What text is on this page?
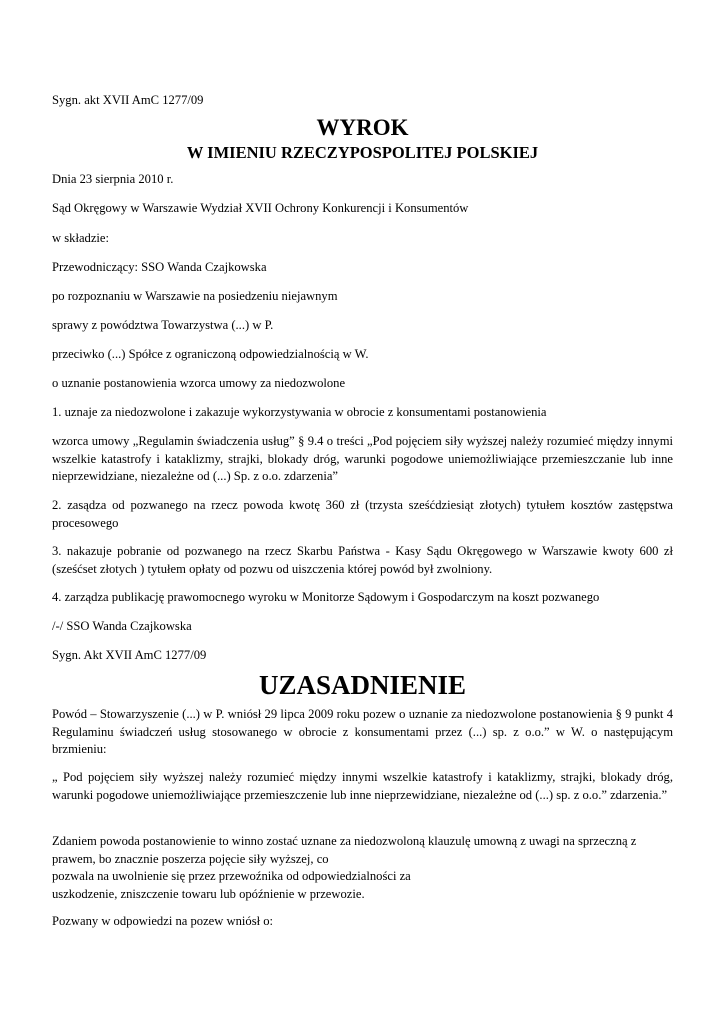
Sygn. akt XVII AmC 1277/09

WYROK
W IMIENIU RZECZYPOSPOLITEJ POLSKIEJ

Dnia 23 sierpnia 2010 r.

Sąd Okręgowy w Warszawie Wydział XVII Ochrony Konkurencji i Konsumentów

w składzie:

Przewodniczący: SSO Wanda Czajkowska

po rozpoznaniu w Warszawie na posiedzeniu niejawnym

sprawy z powództwa Towarzystwa (...) w P.

przeciwko (...) Spółce z ograniczoną odpowiedzialnością w W.

o uznanie postanowienia wzorca umowy za niedozwolone

1. uznaje za niedozwolone i zakazuje wykorzystywania w obrocie z konsumentami postanowienia

wzorca umowy „Regulamin świadczenia usług” § 9.4 o treści „Pod pojęciem siły wyższej należy rozumieć między innymi wszelkie katastrofy i kataklizmy, strajki, blokady dróg, warunki pogodowe uniemożliwiające przemieszczanie lub inne nieprzewidziane, niezależne od (...) Sp. z o.o. zdarzenia”

2. zasądza od pozwanego na rzecz powoda kwotę 360 zł (trzysta sześćdziesiąt złotych) tytułem kosztów zastępstwa procesowego

3. nakazuje pobranie od pozwanego na rzecz Skarbu Państwa - Kasy Sądu Okręgowego w Warszawie kwoty 600 zł (sześćset złotych ) tytułem opłaty od pozwu od uiszczenia której powód był zwolniony.

4. zarządza publikację prawomocnego wyroku w Monitorze Sądowym i Gospodarczym na koszt pozwanego

/-/ SSO Wanda Czajkowska

Sygn. Akt XVII AmC 1277/09

UZASADNIENIE

Powód – Stowarzyszenie (...) w P. wniósł 29 lipca 2009 roku pozew o uznanie za niedozwolone postanowienia § 9 punkt 4 Regulaminu świadczeń usług stosowanego w obrocie z konsumentami przez (...) sp. z o.o.” w W. o następującym brzmieniu:

„ Pod pojęciem siły wyższej należy rozumieć między innymi wszelkie katastrofy i kataklizmy, strajki, blokady dróg, warunki pogodowe uniemożliwiające przemieszczenie lub inne nieprzewidziane, niezależne od (...) sp. z o.o.” zdarzenia.”

Zdaniem powoda postanowienie to winno zostać uznane za niedozwoloną klauzulę umowną z uwagi na sprzeczną z prawem, bo znacznie poszerza pojęcie siły wyższej, co

pozwala na uwolnienie się przez przewoźnika od odpowiedzialności za

uszkodzenie, zniszczenie towaru lub opóźnienie w przewozie.

Pozwany w odpowiedzi na pozew wniósł o:
